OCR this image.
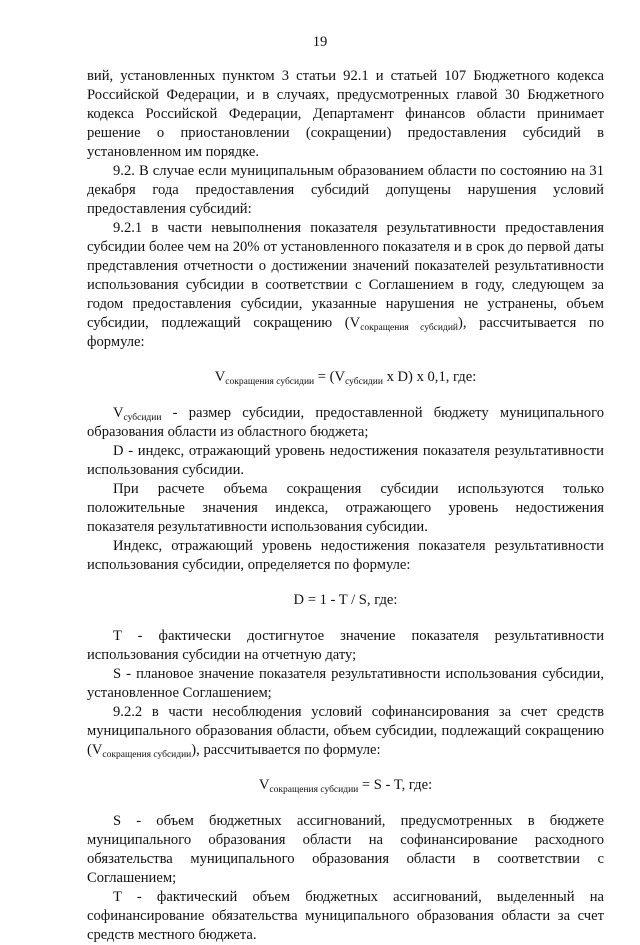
19

вий, установленных пунктом 3 статьи 92.1 и статьей 107 Бюджетного кодекса Российской Федерации, и в случаях, предусмотренных главой 30 Бюджетного кодекса Российской Федерации, Департамент финансов области принимает решение о приостановлении (сокращении) предоставления субсидий в установленном им порядке.

9.2. В случае если муниципальным образованием области по состоянию на 31 декабря года предоставления субсидий допущены нарушения условий предоставления субсидий:

9.2.1 в части невыполнения показателя результативности предоставления субсидии более чем на 20% от установленного показателя и в срок до первой даты представления отчетности о достижении значений показателей результативности использования субсидии в соответствии с Соглашением в году, следующем за годом предоставления субсидии, указанные нарушения не устранены, объем субсидии, подлежащий сокращению $(V_{сокращения субсидий})$, рассчитывается по формуле:

$V_{сокращения субсидии} = (V_{субсидии}$ x D) x 0,1, где:

$V_{субсидии}$ - размер субсидии, предоставленной бюджету муниципального образования области из областного бюджета;

D - индекс, отражающий уровень недостижения показателя результативности использования субсидии.

При расчете объема сокращения субсидии используются только положительные значения индекса, отражающего уровень недостижения показателя результативности использования субсидии.

Индекс, отражающий уровень недостижения показателя результативности использования субсидии, определяется по формуле:

D = 1 - T / S, где:

T - фактически достигнутое значение показателя результативности использования субсидии на отчетную дату;

S - плановое значение показателя результативности использования субсидии, установленное Соглашением;

9.2.2 в части несоблюдения условий софинансирования за счет средств муниципального образования области, объем субсидии, подлежащий сокращению $(V_{сокращения субсидии})$, рассчитывается по формуле:

$V_{сокращения субсидии} = S - T$, где:

S - объем бюджетных ассигнований, предусмотренных в бюджете муниципального образования области на софинансирование расходного обязательства муниципального образования области в соответствии с Соглашением;

T - фактический объем бюджетных ассигнований, выделенный на софинансирование обязательства муниципального образования области за счет средств местного бюджета.
